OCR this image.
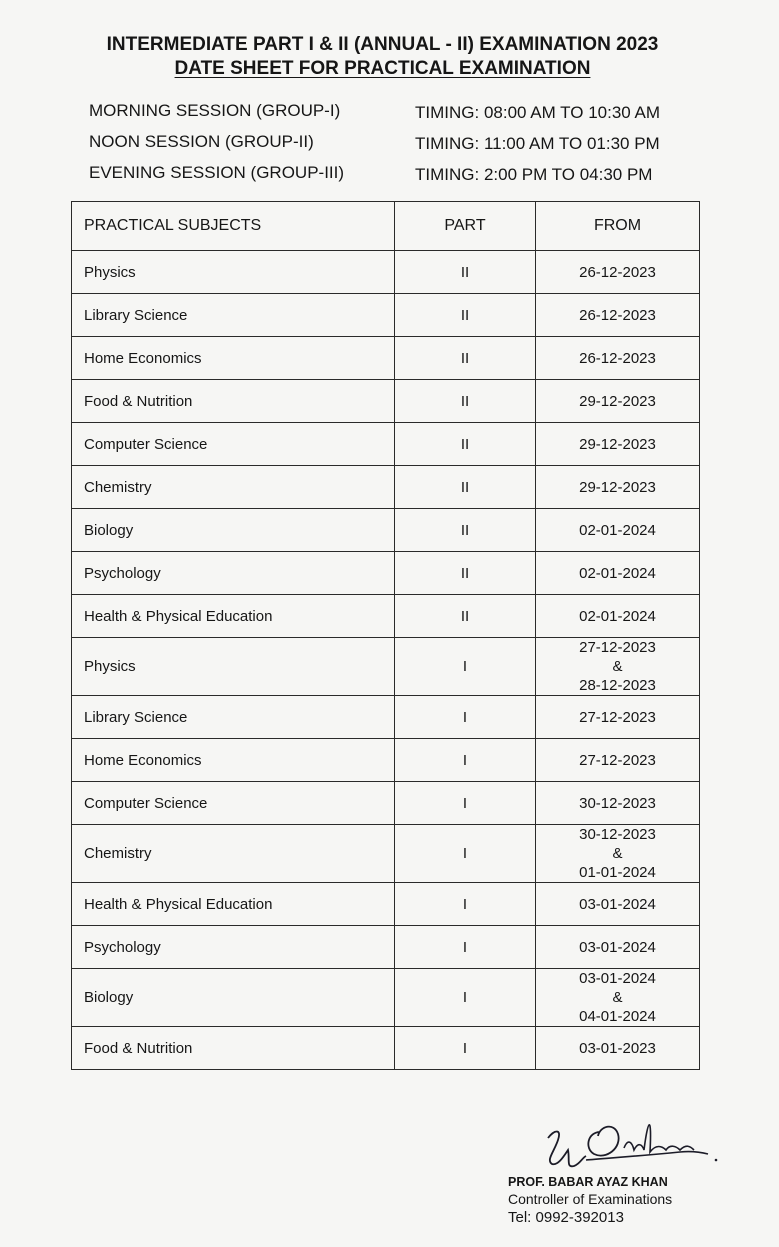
INTERMEDIATE PART I & II (ANNUAL - II) EXAMINATION 2023
DATE SHEET FOR PRACTICAL EXAMINATION
MORNING SESSION (GROUP-I)	TIMING: 08:00 AM TO 10:30 AM
NOON SESSION (GROUP-II)	TIMING: 11:00 AM TO 01:30 PM
EVENING SESSION (GROUP-III)	TIMING: 2:00 PM TO 04:30 PM
PRACTICAL SUBJECTS	PART	FROM
Physics	II	26-12-2023
Library Science	II	26-12-2023
Home Economics	II	26-12-2023
Food & Nutrition	II	29-12-2023
Computer Science	II	29-12-2023
Chemistry	II	29-12-2023
Biology	II	02-01-2024
Psychology	II	02-01-2024
Health & Physical Education	II	02-01-2024
Physics	I	27-12-2023
&
28-12-2023

Library Science	I	27-12-2023
Home Economics	I	27-12-2023
Computer Science	I	30-12-2023
Chemistry	I	30-12-2023
&
01-01-2024

Health & Physical Education	I	03-01-2024
Psychology	I	03-01-2024
Biology	I	03-01-2024
&
04-01-2024

Food & Nutrition	I	03-01-2023
PROF. BABAR AYAZ KHAN
Controller of Examinations
Tel: 0992-392013
